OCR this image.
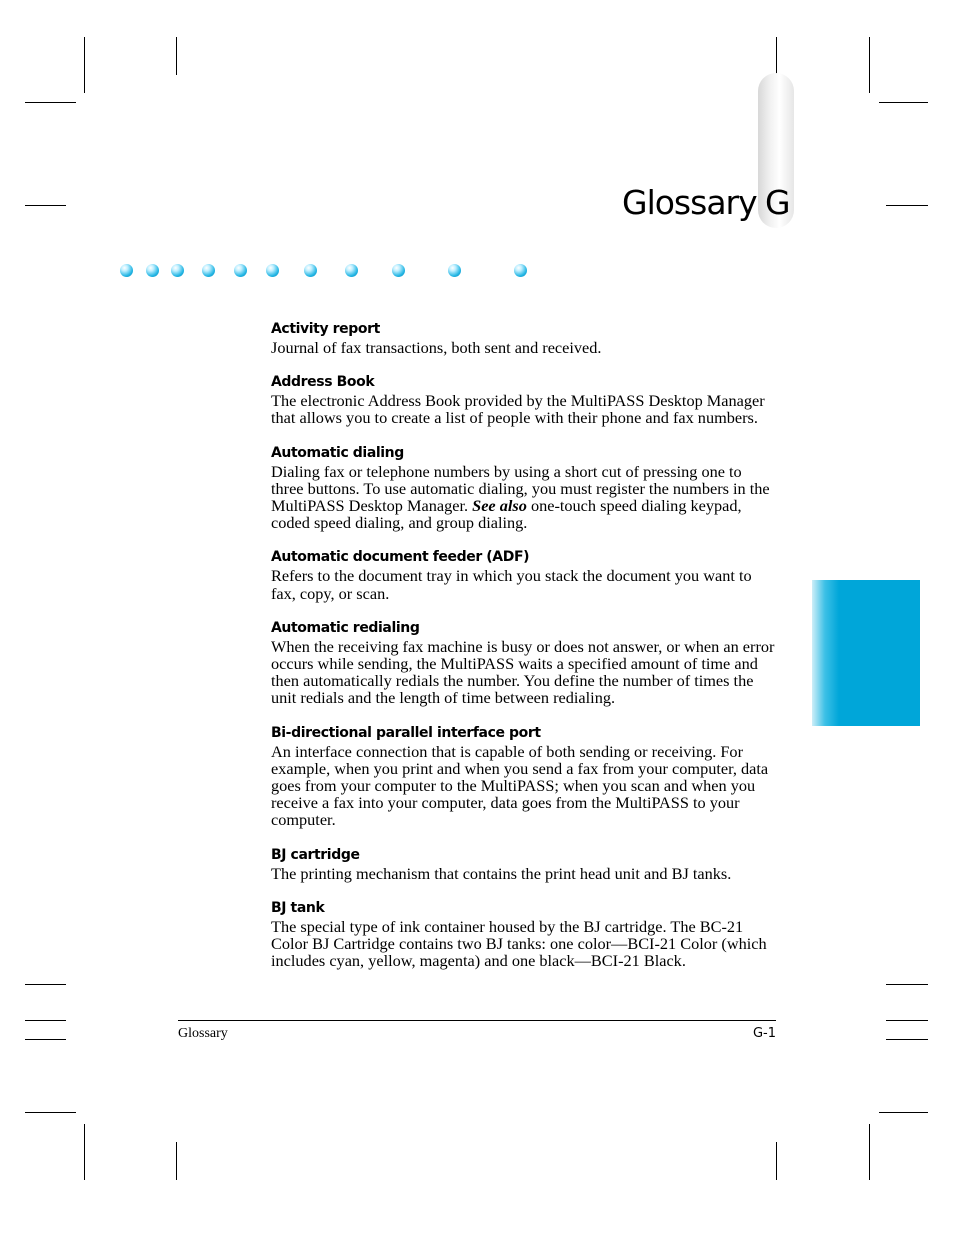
Glossary G
Activity report
Journal of fax transactions, both sent and received.
Address Book
The electronic Address Book provided by the MultiPASS Desktop Manager that allows you to create a list of people with their phone and fax numbers.
Automatic dialing
Dialing fax or telephone numbers by using a short cut of pressing one to three buttons. To use automatic dialing, you must register the numbers in the MultiPASS Desktop Manager. See also one-touch speed dialing keypad, coded speed dialing, and group dialing.
Automatic document feeder (ADF)
Refers to the document tray in which you stack the document you want to fax, copy, or scan.
Automatic redialing
When the receiving fax machine is busy or does not answer, or when an error occurs while sending, the MultiPASS waits a specified amount of time and then automatically redials the number. You define the number of times the unit redials and the length of time between redialing.
Bi-directional parallel interface port
An interface connection that is capable of both sending or receiving. For example, when you print and when you send a fax from your computer, data goes from your computer to the MultiPASS; when you scan and when you receive a fax into your computer, data goes from the MultiPASS to your computer.
BJ cartridge
The printing mechanism that contains the print head unit and BJ tanks.
BJ tank
The special type of ink container housed by the BJ cartridge. The BC-21 Color BJ Cartridge contains two BJ tanks: one color—BCI-21 Color (which includes cyan, yellow, magenta) and one black—BCI-21 Black.
Glossary	G-1
